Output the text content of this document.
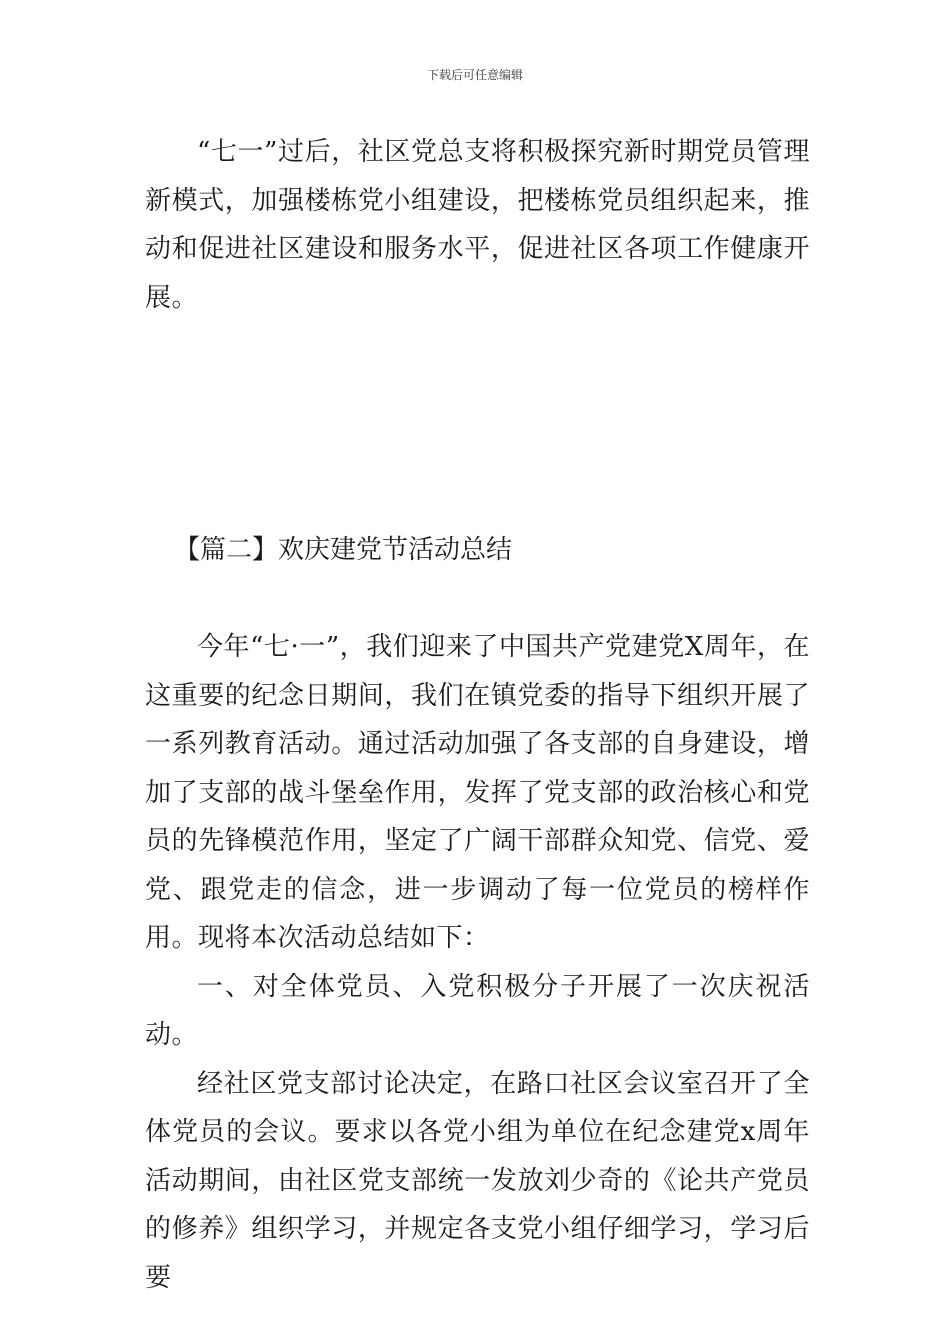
下载后可任意编辑

“七一”过后，社区党总支将积极探究新时期党员管理新模式，加强楼栋党小组建设，把楼栋党员组织起来，推动和促进社区建设和服务水平，促进社区各项工作健康开展。

【篇二】欢庆建党节活动总结

今年“七·一”，我们迎来了中国共产党建党X周年，在这重要的纪念日期间，我们在镇党委的指导下组织开展了一系列教育活动。通过活动加强了各支部的自身建设，增加了支部的战斗堡垒作用，发挥了党支部的政治核心和党员的先锋模范作用，坚定了广阔干部群众知党、信党、爱党、跟党走的信念，进一步调动了每一位党员的榜样作用。现将本次活动总结如下：

一、对全体党员、入党积极分子开展了一次庆祝活动。

经社区党支部讨论决定，在路口社区会议室召开了全体党员的会议。要求以各党小组为单位在纪念建党x周年活动期间，由社区党支部统一发放刘少奇的《论共产党员的修养》组织学习，并规定各支党小组仔细学习，学习后要
